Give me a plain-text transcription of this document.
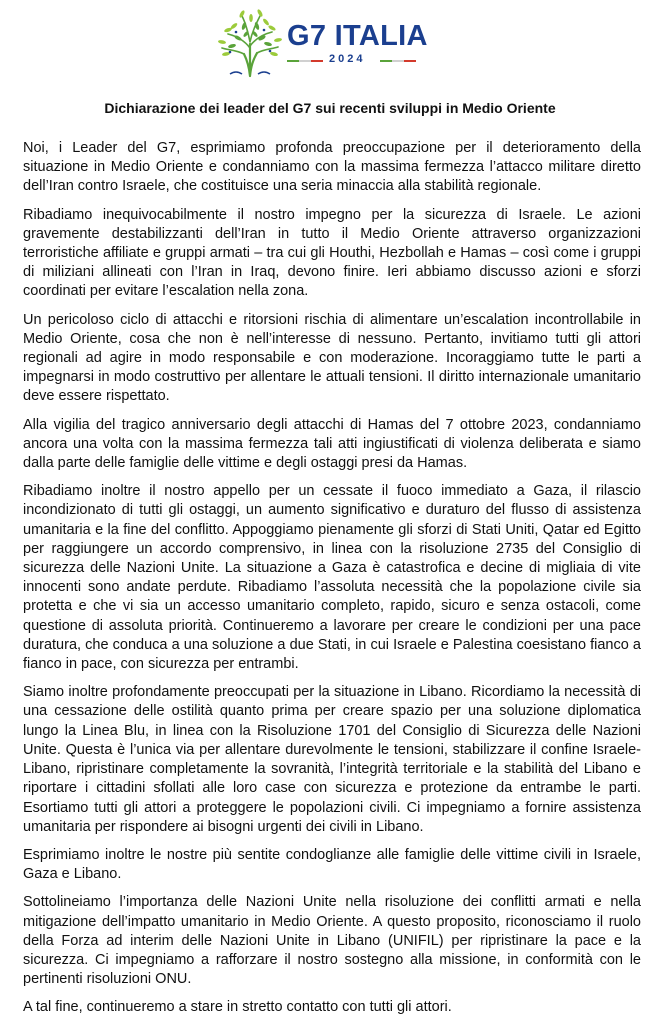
G7 ITALIA
2024
Dichiarazione dei leader del G7 sui recenti sviluppi in Medio Oriente

Noi, i Leader del G7, esprimiamo profonda preoccupazione per il deterioramento della situazione in Medio Oriente e condanniamo con la massima fermezza l’attacco militare diretto dell’Iran contro Israele, che costituisce una seria minaccia alla stabilità regionale.

Ribadiamo inequivocabilmente il nostro impegno per la sicurezza di Israele. Le azioni gravemente destabilizzanti dell’Iran in tutto il Medio Oriente attraverso organizzazioni terroristiche affiliate e gruppi armati – tra cui gli Houthi, Hezbollah e Hamas – così come i gruppi di miliziani allineati con l’Iran in Iraq, devono finire. Ieri abbiamo discusso azioni e sforzi coordinati per evitare l’escalation nella zona.

Un pericoloso ciclo di attacchi e ritorsioni rischia di alimentare un’escalation incontrollabile in Medio Oriente, cosa che non è nell’interesse di nessuno. Pertanto, invitiamo tutti gli attori regionali ad agire in modo responsabile e con moderazione. Incoraggiamo tutte le parti a impegnarsi in modo costruttivo per allentare le attuali tensioni. Il diritto internazionale umanitario deve essere rispettato.

Alla vigilia del tragico anniversario degli attacchi di Hamas del 7 ottobre 2023, condanniamo ancora una volta con la massima fermezza tali atti ingiustificati di violenza deliberata e siamo dalla parte delle famiglie delle vittime e degli ostaggi presi da Hamas.

Ribadiamo inoltre il nostro appello per un cessate il fuoco immediato a Gaza, il rilascio incondizionato di tutti gli ostaggi, un aumento significativo e duraturo del flusso di assistenza umanitaria e la fine del conflitto. Appoggiamo pienamente gli sforzi di Stati Uniti, Qatar ed Egitto per raggiungere un accordo comprensivo, in linea con la risoluzione 2735 del Consiglio di sicurezza delle Nazioni Unite. La situazione a Gaza è catastrofica e decine di migliaia di vite innocenti sono andate perdute. Ribadiamo l’assoluta necessità che la popolazione civile sia protetta e che vi sia un accesso umanitario completo, rapido, sicuro e senza ostacoli, come questione di assoluta priorità. Continueremo a lavorare per creare le condizioni per una pace duratura, che conduca a una soluzione a due Stati, in cui Israele e Palestina coesistano fianco a fianco in pace, con sicurezza per entrambi.

Siamo inoltre profondamente preoccupati per la situazione in Libano. Ricordiamo la necessità di una cessazione delle ostilità quanto prima per creare spazio per una soluzione diplomatica lungo la Linea Blu, in linea con la Risoluzione 1701 del Consiglio di Sicurezza delle Nazioni Unite. Questa è l’unica via per allentare durevolmente le tensioni, stabilizzare il confine Israele-Libano, ripristinare completamente la sovranità, l’integrità territoriale e la stabilità del Libano e riportare i cittadini sfollati alle loro case con sicurezza e protezione da entrambe le parti. Esortiamo tutti gli attori a proteggere le popolazioni civili. Ci impegniamo a fornire assistenza umanitaria per rispondere ai bisogni urgenti dei civili in Libano.

Esprimiamo inoltre le nostre più sentite condoglianze alle famiglie delle vittime civili in Israele, Gaza e Libano.

Sottolineiamo l’importanza delle Nazioni Unite nella risoluzione dei conflitti armati e nella mitigazione dell’impatto umanitario in Medio Oriente. A questo proposito, riconosciamo il ruolo della Forza ad interim delle Nazioni Unite in Libano (UNIFIL) per ripristinare la pace e la sicurezza. Ci impegniamo a rafforzare il nostro sostegno alla missione, in conformità con le pertinenti risoluzioni ONU.

A tal fine, continueremo a stare in stretto contatto con tutti gli attori.
